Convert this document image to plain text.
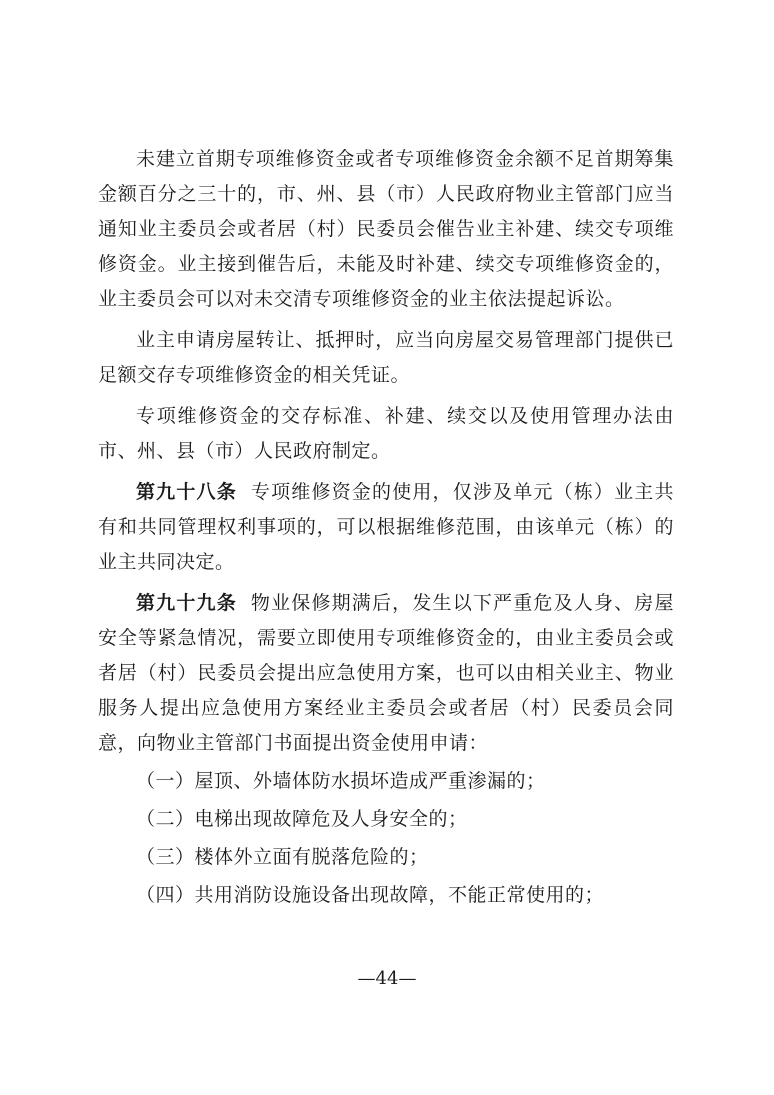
未建立首期专项维修资金或者专项维修资金余额不足首期筹集金额百分之三十的，市、州、县（市）人民政府物业主管部门应当通知业主委员会或者居（村）民委员会催告业主补建、续交专项维修资金。业主接到催告后，未能及时补建、续交专项维修资金的，业主委员会可以对未交清专项维修资金的业主依法提起诉讼。

业主申请房屋转让、抵押时，应当向房屋交易管理部门提供已足额交存专项维修资金的相关凭证。

专项维修资金的交存标准、补建、续交以及使用管理办法由市、州、县（市）人民政府制定。

第九十八条 专项维修资金的使用，仅涉及单元（栋）业主共有和共同管理权利事项的，可以根据维修范围，由该单元（栋）的业主共同决定。

第九十九条 物业保修期满后，发生以下严重危及人身、房屋安全等紧急情况，需要立即使用专项维修资金的，由业主委员会或者居（村）民委员会提出应急使用方案，也可以由相关业主、物业服务人提出应急使用方案经业主委员会或者居（村）民委员会同意，向物业主管部门书面提出资金使用申请：

（一）屋顶、外墙体防水损坏造成严重渗漏的；

（二）电梯出现故障危及人身安全的；

（三）楼体外立面有脱落危险的；

（四）共用消防设施设备出现故障，不能正常使用的；

—44—
